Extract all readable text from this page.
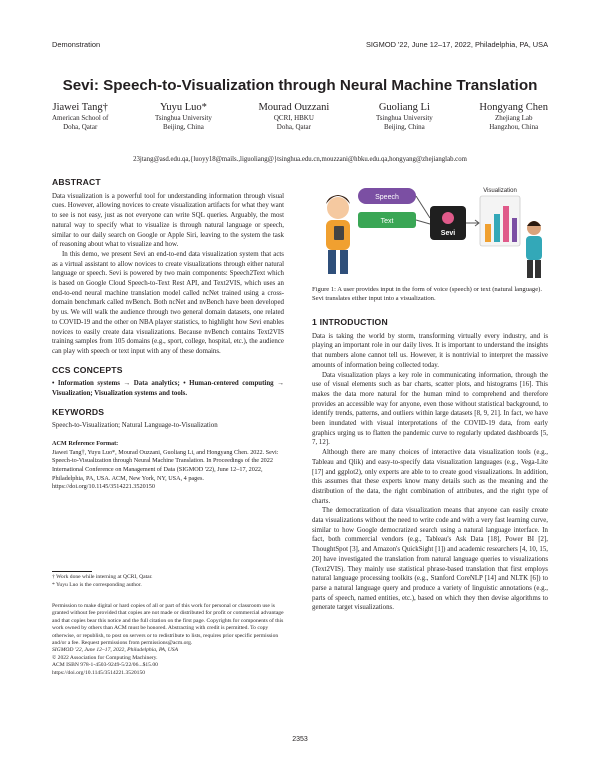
Demonstration	SIGMOD '22, June 12–17, 2022, Philadelphia, PA, USA
Sevi: Speech-to-Visualization through Neural Machine Translation
Jiawei Tang†
American School of
Doha, Qatar
Yuyu Luo*
Tsinghua University
Beijing, China
Mourad Ouzzani
QCRI, HBKU
Doha, Qatar
Guoliang Li
Tsinghua University
Beijing, China
Hongyang Chen
Zhejiang Lab
Hangzhou, China
23jtang@asd.edu.qa,{luoyy18@mails.,liguoliang@}tsinghua.edu.cn,mouzzani@hbku.edu.qa,hongyang@zhejianglab.com
ABSTRACT

Data visualization is a powerful tool for understanding information through visual cues. However, allowing novices to create visualization artifacts for what they want to see is not easy, just as not everyone can write SQL queries. Arguably, the most natural way to specify what to visualize is through natural language or speech, similar to our daily search on Google or Apple Siri, leaving to the system the task of reasoning about what to visualize and how.

In this demo, we present Sevi an end-to-end data visualization system that acts as a virtual assistant to allow novices to create visualizations through either natural language or speech. Sevi is powered by two main components: Speech2Text which is based on Google Cloud Speech-to-Text Rest API, and Text2VIS, which uses an end-to-end neural machine translation model called ncNet trained using a cross-domain benchmark called nvBench. Both ncNet and nvBench have been developed by us. We will walk the audience through two general domain datasets, one related to COVID-19 and the other on NBA player statistics, to highlight how Sevi enables novices to easily create data visualizations. Because nvBench contains Text2VIS training samples from 105 domains (e.g., sport, college, hospital, etc.), the audience can play with speech or text input with any of these domains.

CCS CONCEPTS

• Information systems → Data analytics; • Human-centered computing → Visualization; Visualization systems and tools.

KEYWORDS

Speech-to-Visualization; Natural Language-to-Visualization

ACM Reference Format:
Jiawei Tang†, Yuyu Luo*, Mourad Ouzzani, Guoliang Li, and Hongyang Chen. 2022. Sevi: Speech-to-Visualization through Neural Machine Translation. In Proceedings of the 2022 International Conference on Management of Data (SIGMOD '22), June 12–17, 2022, Philadelphia, PA, USA. ACM, New York, NY, USA, 4 pages. https://doi.org/10.1145/3514221.3520150
† Work done while interning at QCRI, Qatar.
* Yuyu Luo is the corresponding author.
Permission to make digital or hard copies of all or part of this work for personal or classroom use is granted without fee provided that copies are not made or distributed for profit or commercial advantage and that copies bear this notice and the full citation on the first page. Copyrights for components of this work owned by others than ACM must be honored. Abstracting with credit is permitted. To copy otherwise, or republish, to post on servers or to redistribute to lists, requires prior specific permission and/or a fee. Request permissions from permissions@acm.org.
SIGMOD '22, June 12–17, 2022, Philadelphia, PA, USA
© 2022 Association for Computing Machinery.
ACM ISBN 978-1-4503-9249-5/22/06...$15.00
https://doi.org/10.1145/3514221.3520150
Speech
Text
Sevi
Visualization
Figure 1: A user provides input in the form of voice (speech) or text (natural language). Sevi translates either input into a visualization.
1 INTRODUCTION

Data is taking the world by storm, transforming virtually every industry, and is playing an important role in our daily lives. It is important to understand the insights that numbers alone cannot tell us. However, it is nontrivial to interpret the massive amounts of information being collected today.

Data visualization plays a key role in communicating information, through the use of visual elements such as bar charts, scatter plots, and histograms [16]. This makes the data more natural for the human mind to comprehend and therefore provides an accessible way for anyone, even those without statistical background, to identify trends, patterns, and outliers within large datasets [8, 9, 21]. In fact, we have been inundated with visual interpretations of the COVID-19 data, from early graphics urging us to flatten the pandemic curve to regularly updated dashboards [5, 7, 12].

Although there are many choices of interactive data visualization tools (e.g., Tableau and Qlik) and easy-to-specify data visualization languages (e.g., Vega-Lite [17] and ggplot2), only experts are able to to create good visualizations. In addition, this assumes that these experts know many details such as the meaning and the distribution of the data, the right combination of attributes, and the right type of charts.

The democratization of data visualization means that anyone can easily create data visualizations without the need to write code and with a very fast learning curve, similar to how Google democratized search using a natural language interface. In fact, both commercial vendors (e.g., Tableau's Ask Data [18], Power BI [2], ThoughtSpot [3], and Amazon's QuickSight [1]) and academic researchers [4, 10, 15, 20] have investigated the translation from natural language queries to visualizations (Text2VIS). They mainly use statistical phrase-based translation that first employs natural language processing toolkits (e.g., Stanford CoreNLP [14] and NLTK [6]) to parse a natural language query and produce a variety of linguistic annotations (e.g., parts of speech, named entities, etc.), based on which they then devise algorithms to generate target visualizations.

2353
